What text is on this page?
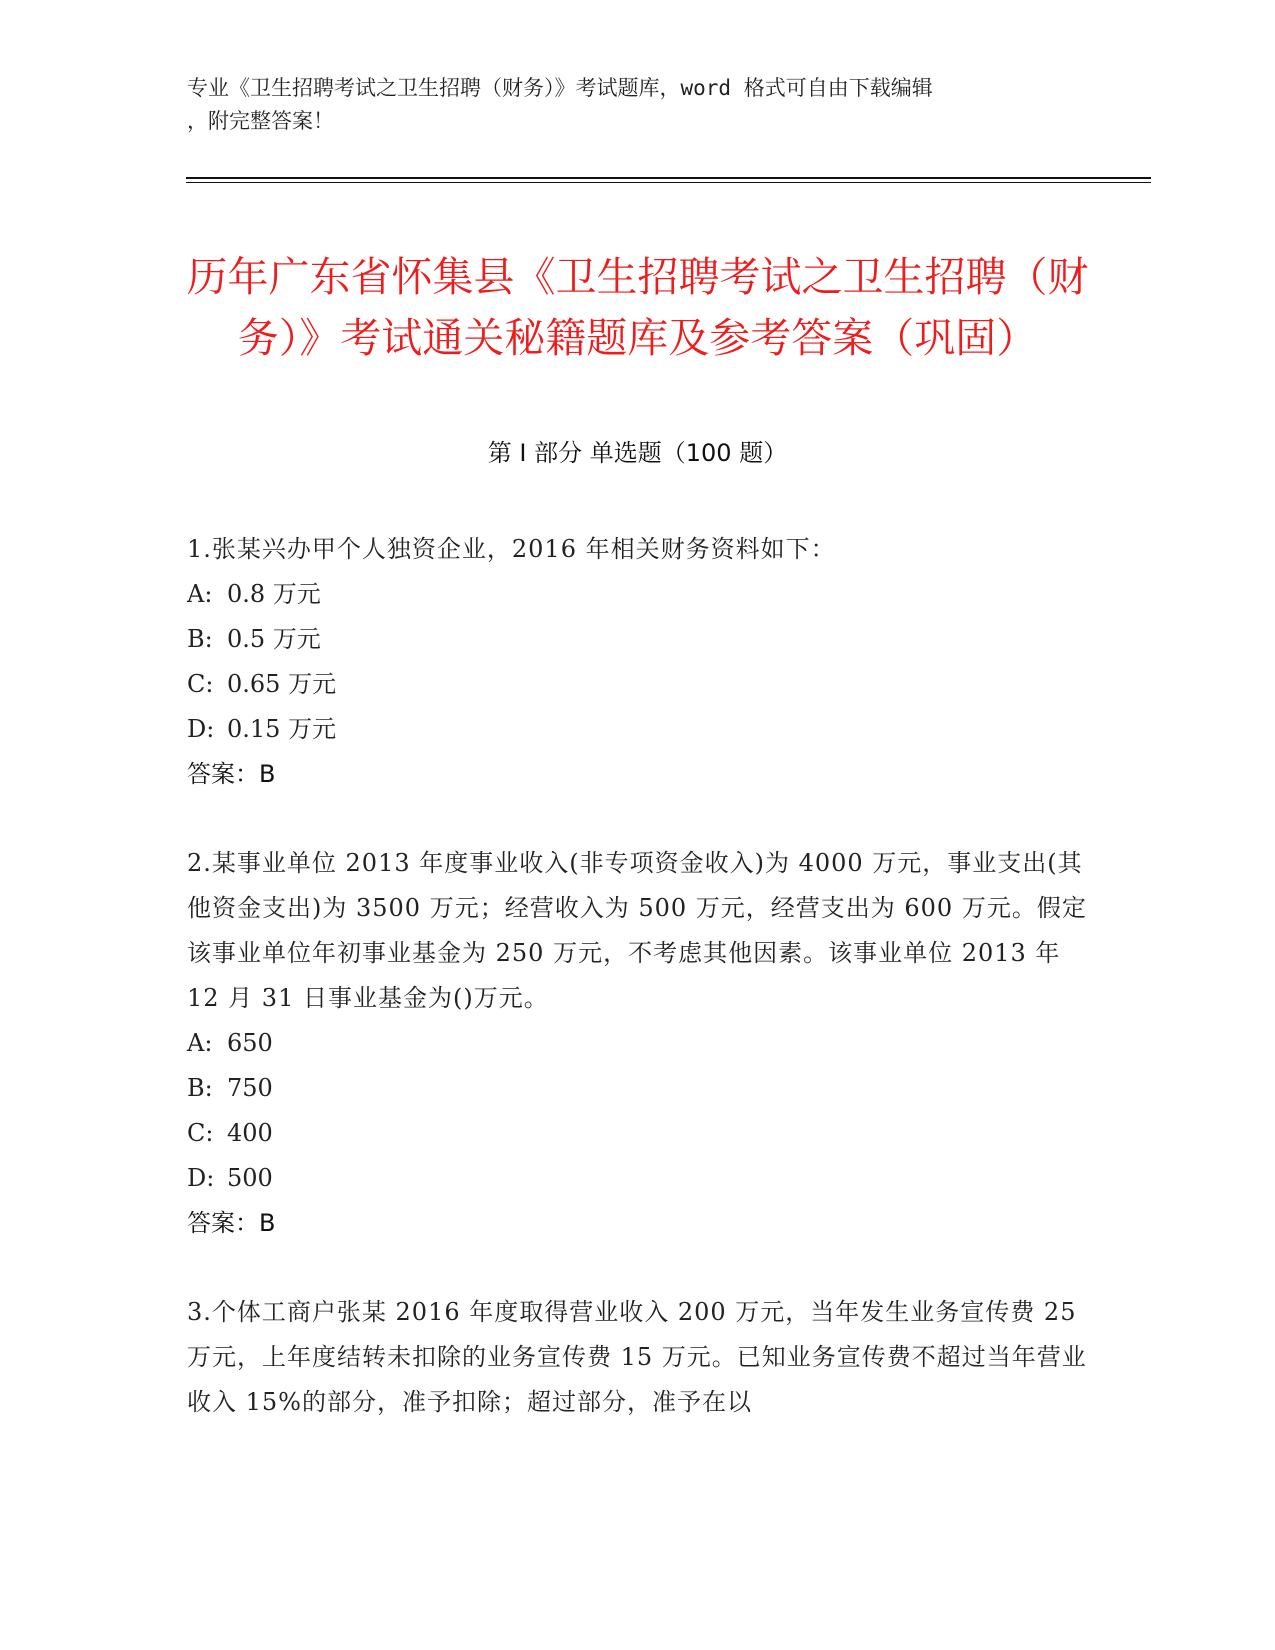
专业《卫生招聘考试之卫生招聘（财务）》考试题库，word 格式可自由下载编辑
，附完整答案！
历年广东省怀集县《卫生招聘考试之卫生招聘（财务）》考试通关秘籍题库及参考答案（巩固）
第 I 部分 单选题（100 题）
1.张某兴办甲个人独资企业，2016 年相关财务资料如下：
A: 0.8 万元
B: 0.5 万元
C: 0.65 万元
D: 0.15 万元
答案：B
2.某事业单位 2013 年度事业收入(非专项资金收入)为 4000 万元，事业支出(其他资金支出)为 3500 万元；经营收入为 500 万元，经营支出为 600 万元。假定该事业单位年初事业基金为 250 万元，不考虑其他因素。该事业单位 2013 年 12 月 31 日事业基金为()万元。
A: 650
B: 750
C: 400
D: 500
答案：B
3.个体工商户张某 2016 年度取得营业收入 200 万元，当年发生业务宣传费 25 万元，上年度结转未扣除的业务宣传费 15 万元。已知业务宣传费不超过当年营业收入 15%的部分，准予扣除；超过部分，准予在以
